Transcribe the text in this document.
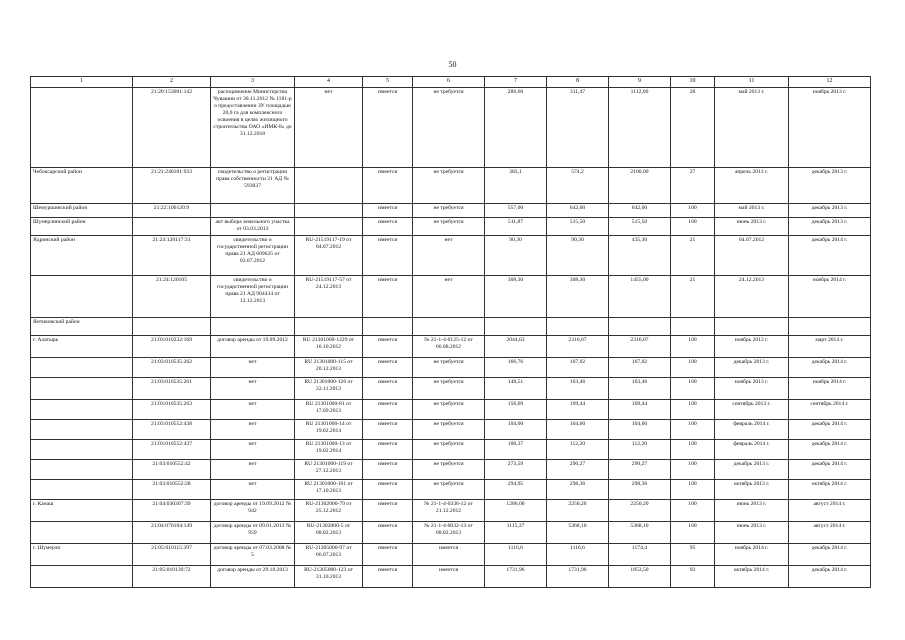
50
1	2	3	4	5	6	7	8	9	10	11	12
	21:20:153001:142	распоряжение Министерства Чувашии от 30.11.2012 № 1181-р о предоставлении ЗУ площадью 20,0 га для комплексного освоения в целях жилищного строительства ОАО «ИМК-8» до 31.12.2018	нет	имеется	не требуется	286,60	311,47	1112,00	28	май 2013 г.	ноябрь 2013 г.
Чебоксарский район	21:21:240101:933	свидетельство о регистрации права собственности 21 АД № 593037		имеется	не требуется	383,1	574,2	2100,00	27	апрель 2013 г.	декабрь 2013 г.
Шемуршинский район	21:22:100120:9			имеется	не требуется	557,00	642,00	642,00	100	май 2013 г.	декабрь 2013 г.
Шумерлинский район		акт выбора земельного участка от 03.03.2013		имеется	не требуется	511,87	515,50	515,50	100	июнь 2013 г.	декабрь 2013 г.
Ядринский район	21:24:120117:31	свидетельство о государственной регистрации права 21 АД 609625 от 03.07.2012	RU-21519117-19 от 04.07.2012	имеется	нет	90,30	90,30	435,30	21	04.07.2012	декабрь 2014 г.
	21:24:120105	свидетельство о государственной регистрации права 21 АД 904434 от 12.12.2013	RU-21519117-57 от 24.12.2013	имеется	нет	308,30	308,30	1455,00	21	24.12.2013	ноябрь 2014 г.
Янтиковский район											
г. Алатырь	21:03:010232:169	договор аренды от 19.09.2012	RU 21301000-1229 от 16.10.2012	имеется	№ 21-1-4-0125-12 от 06.08.2012	2044,63	2316,07	2316,07	100	ноябрь 2012 г.	март 2014 г.
	21:03:010535:262	нет	RU 21301000-115 от 20.12.2013	имеется	не требуется	166,76	167,02	167,02	100	декабрь 2013 г.	декабрь 2014 г.
	21:03:010535:261	нет	RU 21301000-126 от 22.11.2013	имеется	не требуется	148,51	163,46	163,46	100	ноябрь 2013 г.	ноябрь 2014 г.
	21:03:010535:263	нет	RU 21301000-81 от 17.09.2013	имеется	не требуется	156,69	169,44	169,44	100	сентябрь 2013 г.	сентябрь 2014 г.
	21:03:010552:438	нет	RU 21301000-14 от 19.02.2014	имеется	не требуется	104,00	104,60	104,60	100	февраль 2014 г.	декабрь 2014 г.
	21:03:010552:437	нет	RU 21301000-13 от 19.02.2014	имеется	не требуется	108,37	112,20	112,20	100	февраль 2014 г.	декабрь 2014 г.
	21:03:010552:42	нет	RU 21301000-119 от 27.12.2013	имеется	не требуется	273,59	290,27	290,27	100	декабрь 2013 г.	декабрь 2014 г.
	21:03:010552:28	нет	RU 21301000-101 от 17.10.2013	имеется	не требуется	294,95	298,36	298,36	100	октябрь 2013 г.	октябрь 2014 г.
г. Канаш	21:04:030307:39	договор аренды от 19.09.2012 № 942	RU-21302000-79 от 25.12.2012	имеется	№ 21-1-4-0336-12 от 21.12.2012	1286,00	2250,20	2250,20	100	июнь 2013 г.	август 2014 г.
	21:04:070104:149	договор аренды от 09.01.2013 № 959	RU-21302000-5 от 08.02.2013	имеется	№ 21-1-4-0032-13 от 08.02.2013	1115,37	5368,10	5368,10	100	июнь 2013 г.	август 2014 г.
г. Шумерля	21:05:010115:397	договор аренды от 07.03.2008 № 5	RU-21305000-97 от 06.07.2013	имеется	имеется	1116,6	1116,6	1174,4	95	ноябрь 2014 г.	декабрь 2014 г.
	21:05:010139:72	договор аренды от 29.10.2013	RU-21305000-123 от 31.10.2013	имеется	имеется	1731,96	1731,96	1853,50	93	октябрь 2014 г.	декабрь 2014 г.
